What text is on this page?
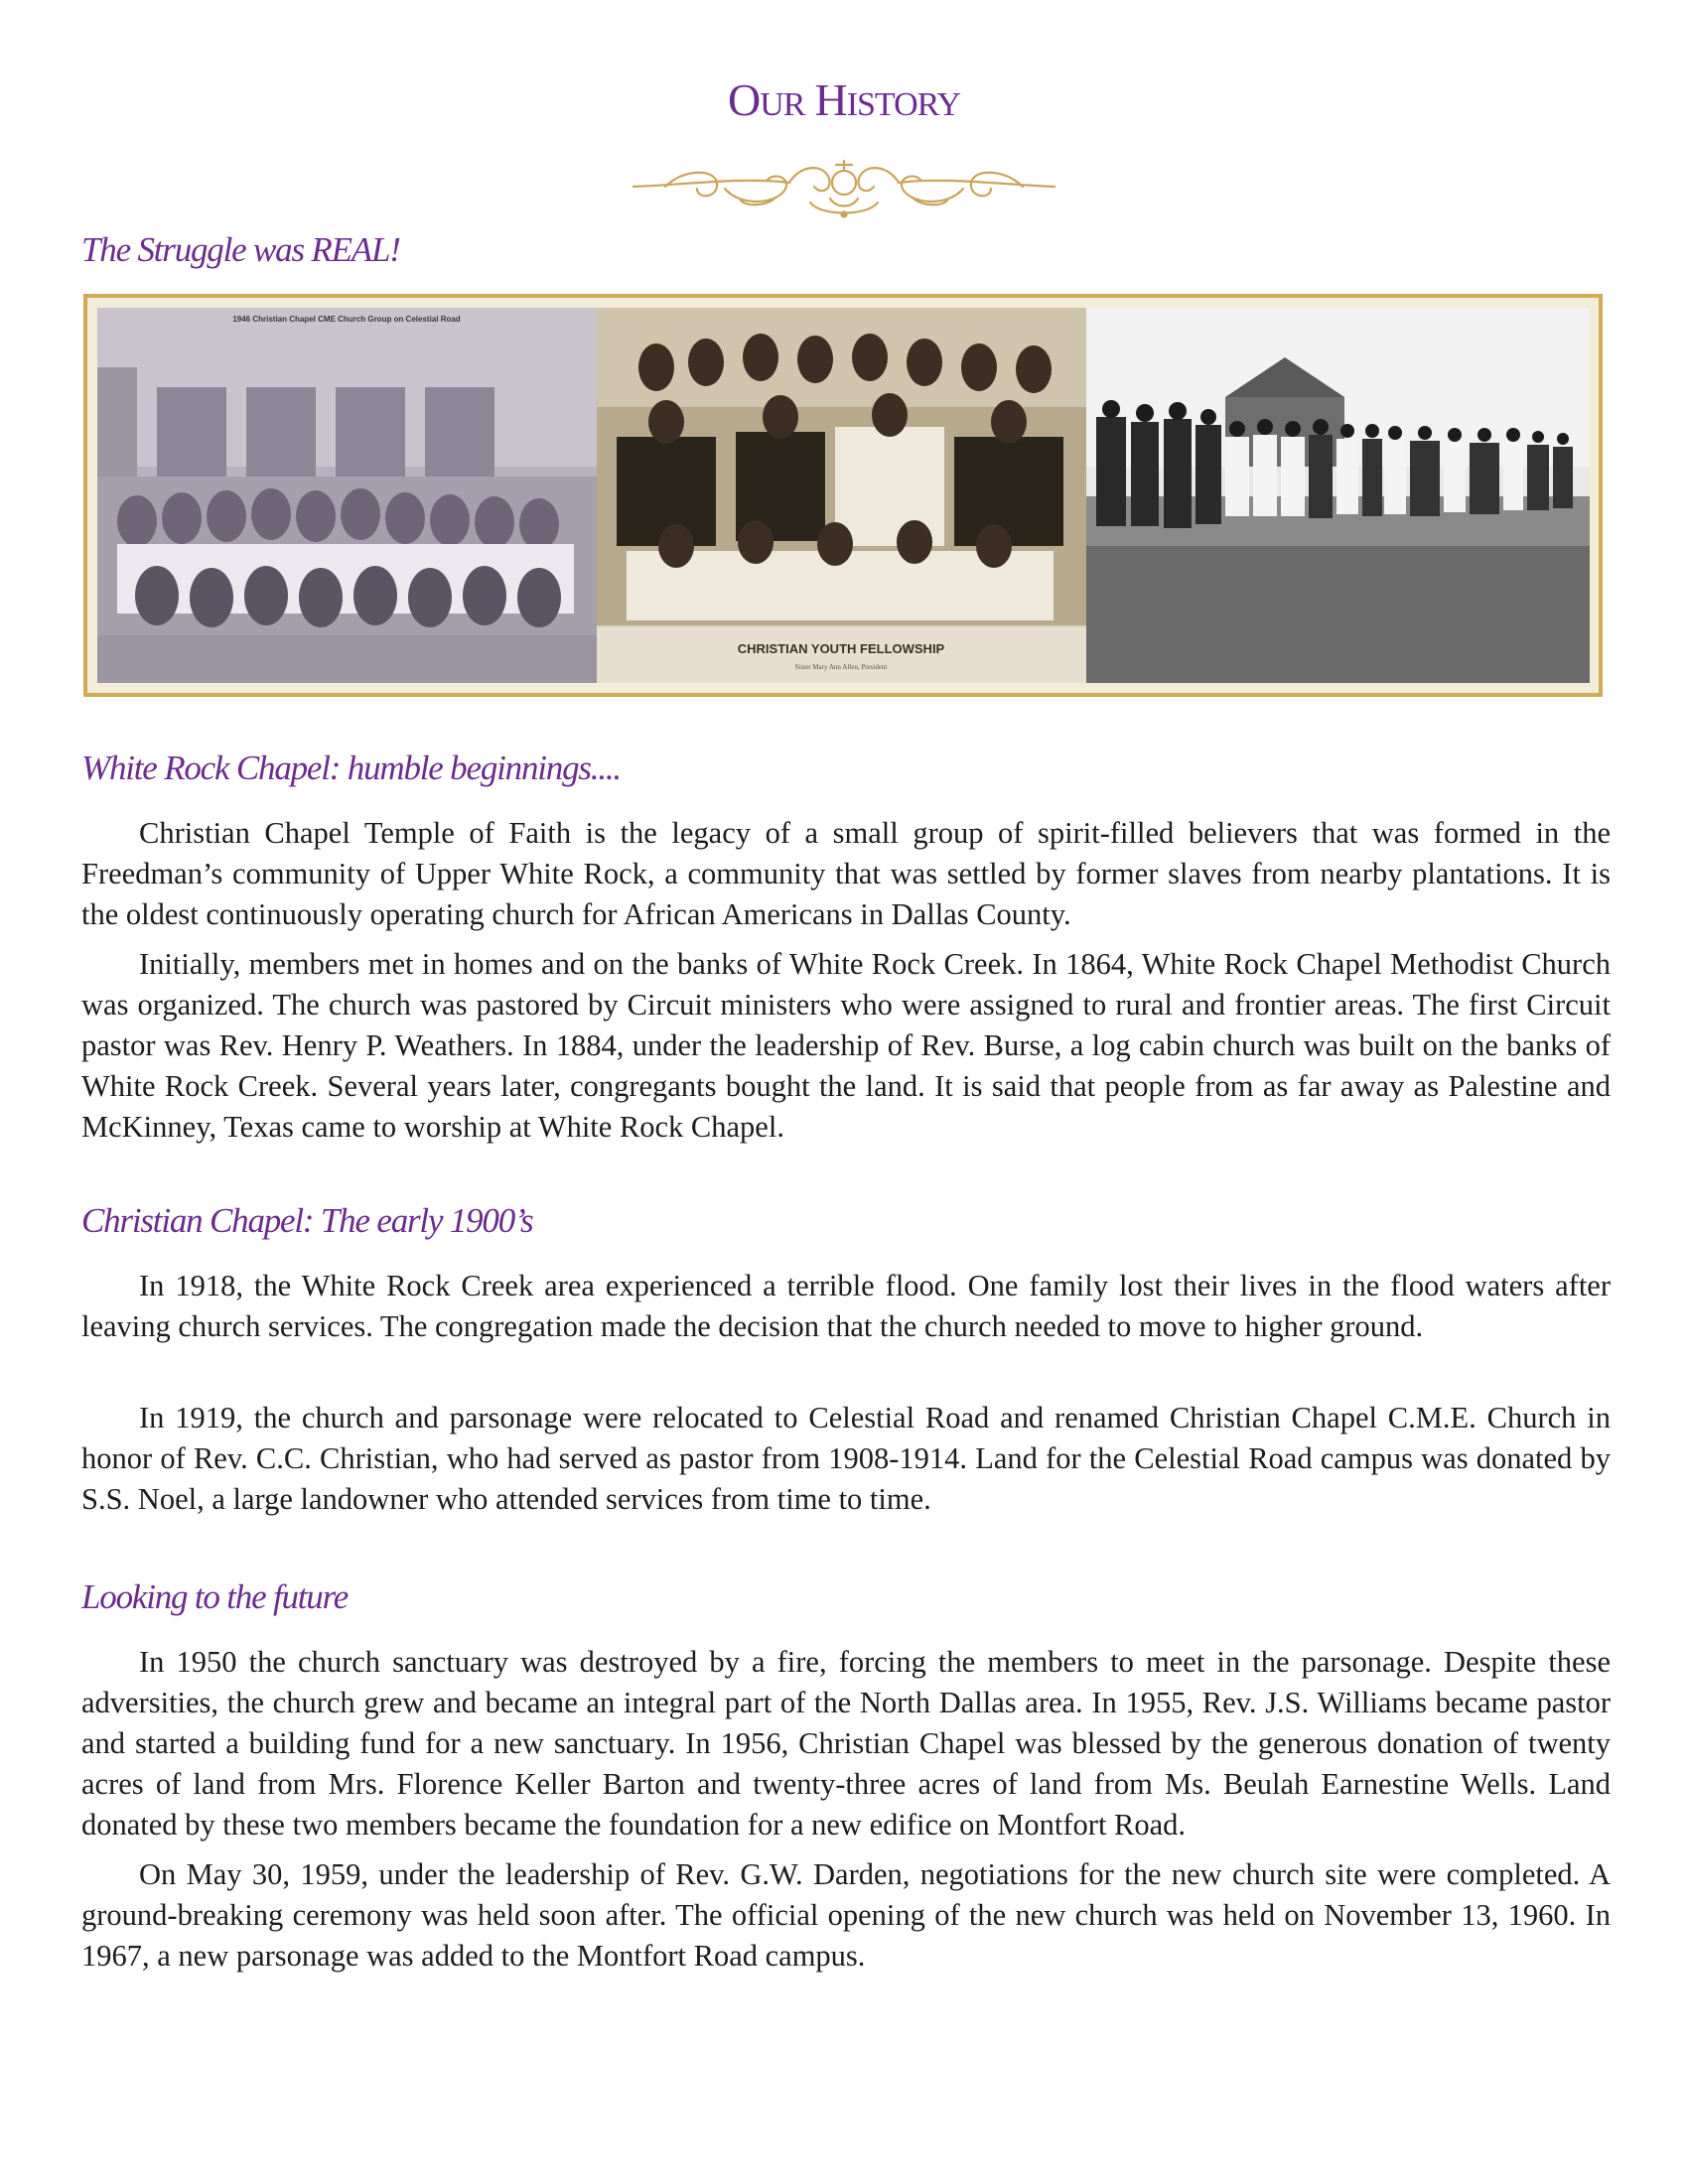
OUR HISTORY
The Struggle was REAL!
1946 Christian Chapel CME Church Group on Celestial Road
CHRISTIAN YOUTH FELLOWSHIP
Sister Mary Ann Allen, President
White Rock Chapel: humble beginnings....

Christian Chapel Temple of Faith is the legacy of a small group of spirit-filled believers that was formed in the Freedman’s community of Upper White Rock, a community that was settled by former slaves from nearby plantations. It is the oldest continuously operating church for African Americans in Dallas County.

Initially, members met in homes and on the banks of White Rock Creek. In 1864, White Rock Chapel Methodist Church was organized. The church was pastored by Circuit ministers who were assigned to rural and frontier areas. The first Circuit pastor was Rev. Henry P. Weathers. In 1884, under the leadership of Rev. Burse, a log cabin church was built on the banks of White Rock Creek. Several years later, congregants bought the land. It is said that people from as far away as Palestine and McKinney, Texas came to worship at White Rock Chapel.

Christian Chapel: The early 1900’s

In 1918, the White Rock Creek area experienced a terrible flood. One family lost their lives in the flood waters after leaving church services. The congregation made the decision that the church needed to move to higher ground.

In 1919, the church and parsonage were relocated to Celestial Road and renamed Christian Chapel C.M.E. Church in honor of Rev. C.C. Christian, who had served as pastor from 1908-1914. Land for the Celestial Road campus was donated by S.S. Noel, a large landowner who attended services from time to time.

Looking to the future

In 1950 the church sanctuary was destroyed by a fire, forcing the members to meet in the parsonage. Despite these adversities, the church grew and became an integral part of the North Dallas area. In 1955, Rev. J.S. Williams became pastor and started a building fund for a new sanctuary. In 1956, Christian Chapel was blessed by the generous donation of twenty acres of land from Mrs. Florence Keller Barton and twenty-three acres of land from Ms. Beulah Earnestine Wells. Land donated by these two members became the foundation for a new edifice on Montfort Road.

On May 30, 1959, under the leadership of Rev. G.W. Darden, negotiations for the new church site were completed. A ground-breaking ceremony was held soon after. The official opening of the new church was held on November 13, 1960. In 1967, a new parsonage was added to the Montfort Road campus.
